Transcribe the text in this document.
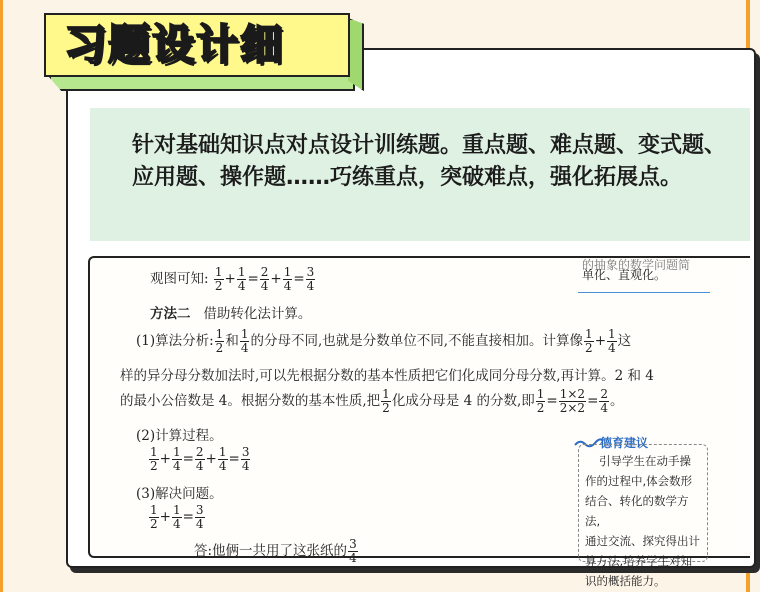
习题设计细

针对基础知识点对点设计训练题。重点题、难点题、变式题、应用题、操作题……巧练重点，突破难点，强化拓展点。

观图可知: $\frac{1}{2} + \frac{1}{4} = \frac{2}{4} + \frac{1}{4} = \frac{3}{4}$
方法二 借助转化法计算。
(1)算法分析: $\frac{1}{2}$ 和 $\frac{1}{4}$ 的分母不同,也就是分数单位不同,不能直接相加。计算像 $\frac{1}{2} + \frac{1}{4}$ 这
样的异分母分数加法时,可以先根据分数的基本性质把它们化成同分母分数,再计算。2 和 4
的最小公倍数是 4。根据分数的基本性质,把 $\frac{1}{2}$ 化成分母是 4 的分数,即 $\frac{1}{2} = \frac{1\times 2}{2\times 2} = \frac{2}{4}$ 。
(2)计算过程。
$\frac{1}{2} + \frac{1}{4} = \frac{2}{4} + \frac{1}{4} = \frac{3}{4}$
(3)解决问题。
$\frac{1}{2} + \frac{1}{4} = \frac{3}{4}$
答:他俩一共用了这张纸的 $\frac{3}{4}$
的抽象的数学问题简
单化、直观化。
德育建议
引导学生在动手操
作的过程中,体会数形
结合、转化的数学方法,
通过交流、探究得出计
算方法,培养学生对知
识的概括能力。
